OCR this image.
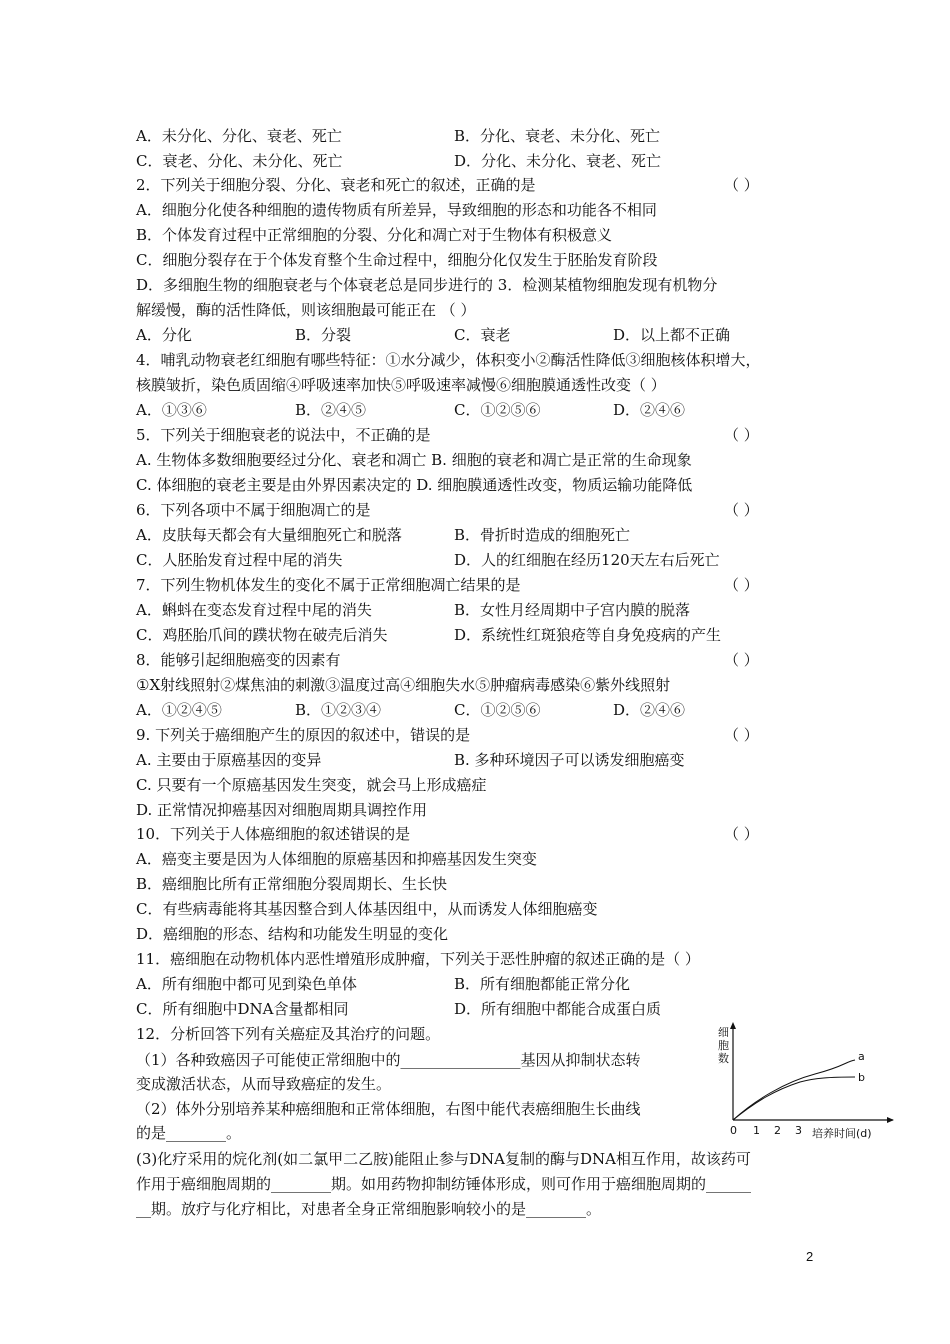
A．未分化、分化、衰老、死亡	B．分化、衰老、未分化、死亡
C．衰老、分化、未分化、死亡	D．分化、未分化、衰老、死亡
2．下列关于细胞分裂、分化、衰老和死亡的叙述，正确的是	（ ）
A．细胞分化使各种细胞的遗传物质有所差异，导致细胞的形态和功能各不相同
B．个体发育过程中正常细胞的分裂、分化和凋亡对于生物体有积极意义
C．细胞分裂存在于个体发育整个生命过程中，细胞分化仅发生于胚胎发育阶段
D．多细胞生物的细胞衰老与个体衰老总是同步进行的 3．检测某植物细胞发现有机物分
解缓慢，酶的活性降低，则该细胞最可能正在 （ ）
A．分化	B．分裂	C．衰老	D．以上都不正确
4．哺乳动物衰老红细胞有哪些特征：①水分减少，体积变小②酶活性降低③细胞核体积增大，
核膜皱折，染色质固缩④呼吸速率加快⑤呼吸速率减慢⑥细胞膜通透性改变（ ）
A．①③⑥	B．②④⑤	C．①②⑤⑥	D．②④⑥
5．下列关于细胞衰老的说法中，不正确的是	（ ）
A. 生物体多数细胞要经过分化、衰老和凋亡 B. 细胞的衰老和凋亡是正常的生命现象
C. 体细胞的衰老主要是由外界因素决定的 D. 细胞膜通透性改变，物质运输功能降低
6．下列各项中不属于细胞凋亡的是	（ ）
A．皮肤每天都会有大量细胞死亡和脱落	B．骨折时造成的细胞死亡
C．人胚胎发育过程中尾的消失	D．人的红细胞在经历120天左右后死亡
7．下列生物机体发生的变化不属于正常细胞凋亡结果的是	（ ）
A．蝌蚪在变态发育过程中尾的消失	B．女性月经周期中子宫内膜的脱落
C．鸡胚胎爪间的蹼状物在破壳后消失	D．系统性红斑狼疮等自身免疫病的产生
8．能够引起细胞癌变的因素有	（ ）
①X射线照射②煤焦油的刺激③温度过高④细胞失水⑤肿瘤病毒感染⑥紫外线照射
A．①②④⑤	B．①②③④	C．①②⑤⑥	D．②④⑥
9. 下列关于癌细胞产生的原因的叙述中，错误的是	（ ）
A. 主要由于原癌基因的变异	B. 多种环境因子可以诱发细胞癌变
C. 只要有一个原癌基因发生突变，就会马上形成癌症
D. 正常情况抑癌基因对细胞周期具调控作用
10．下列关于人体癌细胞的叙述错误的是	（ ）
A．癌变主要是因为人体细胞的原癌基因和抑癌基因发生突变
B．癌细胞比所有正常细胞分裂周期长、生长快
C．有些病毒能将其基因整合到人体基因组中，从而诱发人体细胞癌变
D．癌细胞的形态、结构和功能发生明显的变化
11．癌细胞在动物机体内恶性增殖形成肿瘤，下列关于恶性肿瘤的叙述正确的是（ ）
A．所有细胞中都可见到染色单体	B．所有细胞都能正常分化
C．所有细胞中DNA含量都相同	D．所有细胞中都能合成蛋白质
12．分析回答下列有关癌症及其治疗的问题。
（1）各种致癌因子可能使正常细胞中的________________基因从抑制状态转
变成激活状态，从而导致癌症的发生。
（2）体外分别培养某种癌细胞和正常体细胞，右图中能代表癌细胞生长曲线
的是________。
(3)化疗采用的烷化剂(如二氯甲二乙胺)能阻止参与DNA复制的酶与DNA相互作用，故该药可
作用于癌细胞周期的________期。如用药物抑制纺锤体形成，则可作用于癌细胞周期的______
__期。放疗与化疗相比，对患者全身正常细胞影响较小的是________。
细
胞
数	a
b
0 1 2 3 培养时间(d)
2
